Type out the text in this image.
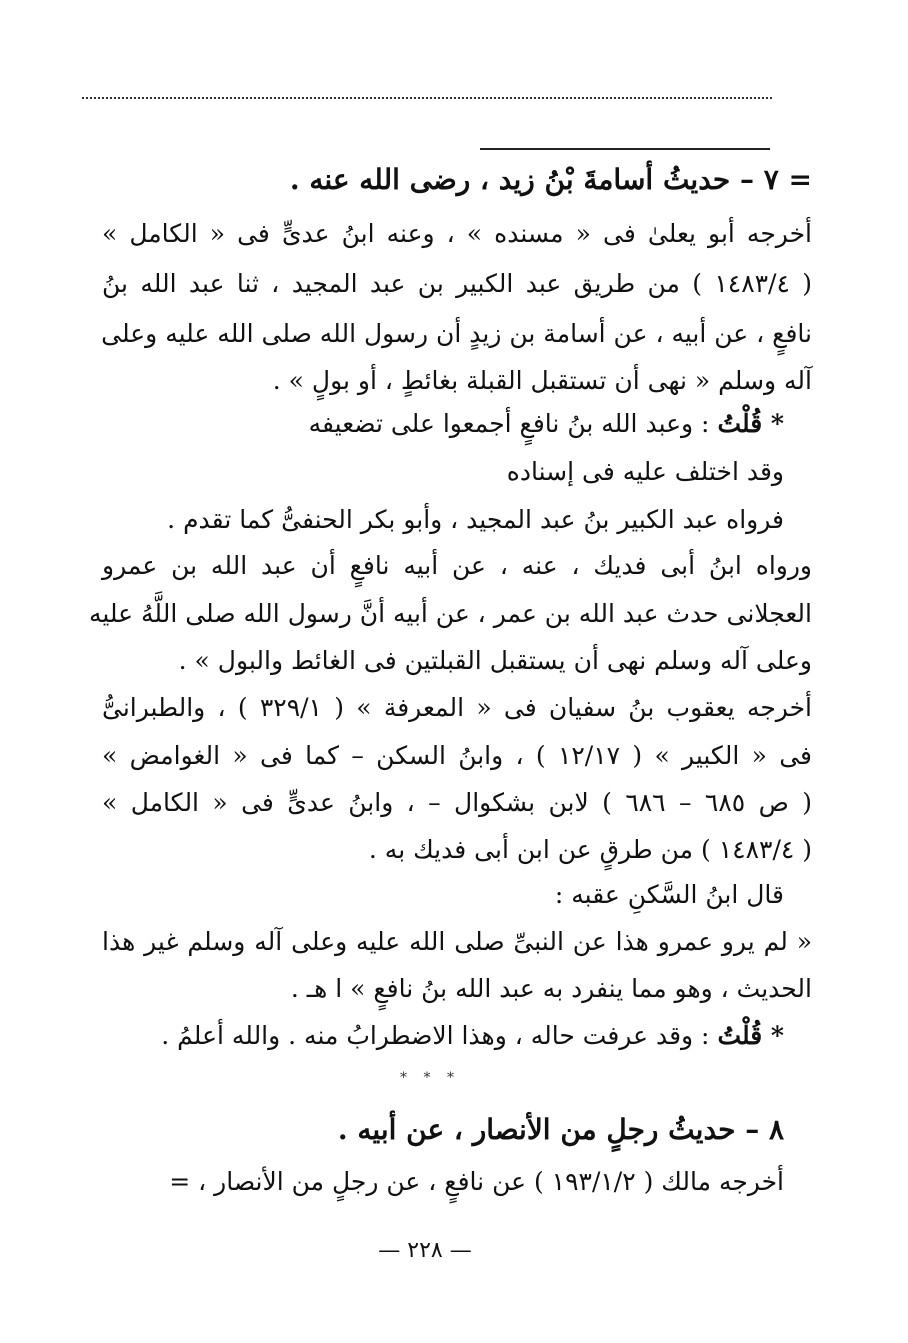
= ٧ – حديثُ أسامةَ بْنُ زيد ، رضى الله عنه .
أخرجه أبو يعلىٰ فى « مسنده » ، وعنه ابنُ عدىٍّ فى « الكامل »
( ١٤٨٣/٤ ) من طريق عبد الكبير بن عبد المجيد ، ثنا عبد الله بنُ
نافعٍ ، عن أبيه ، عن أسامة بن زيدٍ أن رسول الله صلى الله عليه وعلى
آله وسلم « نهى أن تستقبل القبلة بغائطٍ ، أو بولٍ » .
* قُلْتُ : وعبد الله بنُ نافعٍ أجمعوا على تضعيفه
وقد اختلف عليه فى إسناده
فرواه عبد الكبير بنُ عبد المجيد ، وأبو بكر الحنفىُّ كما تقدم .
ورواه ابنُ أبى فديك ، عنه ، عن أبيه نافعٍ أن عبد الله بن عمرو
العجلانى حدث عبد الله بن عمر ، عن أبيه أنَّ رسول الله صلى اللَّهُ عليه
وعلى آله وسلم نهى أن يستقبل القبلتين فى الغائط والبول » .
أخرجه يعقوب بنُ سفيان فى « المعرفة » ( ٣٢٩/١ ) ، والطبرانىُّ
فى « الكبير » ( ١٢/١٧ ) ، وابنُ السكن – كما فى « الغوامض »
( ص ٦٨٥ – ٦٨٦ ) لابن بشكوال – ، وابنُ عدىٍّ فى « الكامل »
( ١٤٨٣/٤ ) من طرقٍ عن ابن أبى فديك به .
قال ابنُ السَّكنِ عقبه :
« لم يرو عمرو هذا عن النبىِّ صلى الله عليه وعلى آله وسلم غير هذا
الحديث ، وهو مما ينفرد به عبد الله بنُ نافعٍ » ا هـ .
* قُلْتُ : وقد عرفت حاله ، وهذا الاضطرابُ منه . والله أعلمُ .
* * *
٨ – حديثُ رجلٍ من الأنصار ، عن أبيه .
أخرجه مالك ( ١٩٣/١/٢ ) عن نافعٍ ، عن رجلٍ من الأنصار ، =
— ٢٢٨ —
